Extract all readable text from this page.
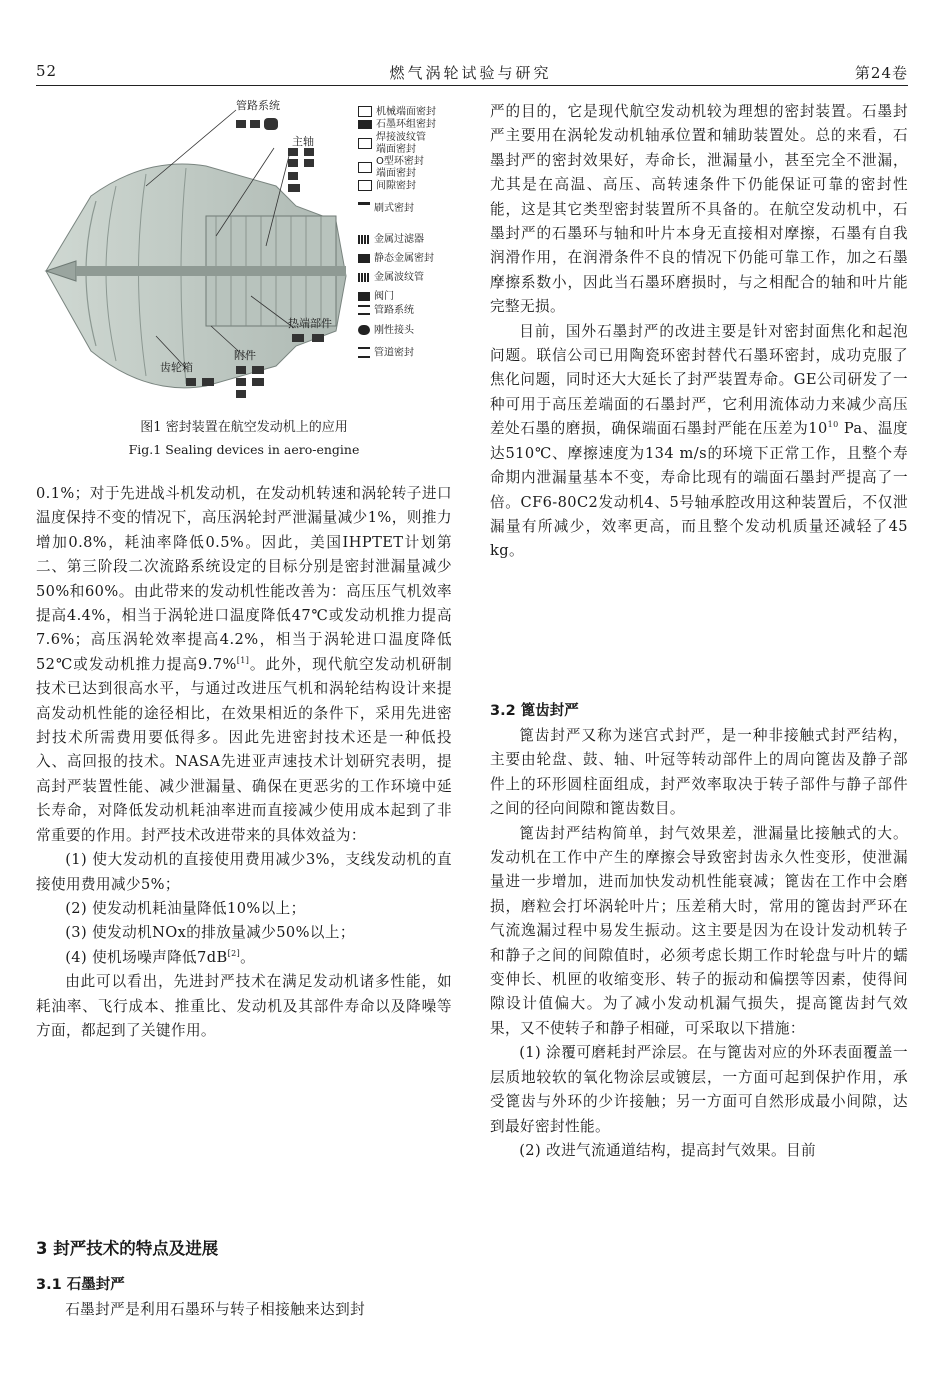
52	燃气涡轮试验与研究	第24卷
管路系统
主轴
热端部件
附件
齿轮箱
机械端面密封
石墨环组密封
焊接波纹管
端面密封
O型环密封
端面密封
间隙密封
刷式密封
金属过滤器
静态金属密封
金属波纹管
阀门
管路系统
刚性接头
管道密封
图1 密封装置在航空发动机上的应用
Fig.1 Sealing devices in aero-engine

0.1%；对于先进战斗机发动机，在发动机转速和涡轮转子进口温度保持不变的情况下，高压涡轮封严泄漏量减少1%，则推力增加0.8%，耗油率降低0.5%。因此，美国IHPTET计划第二、第三阶段二次流路系统设定的目标分别是密封泄漏量减少50%和60%。由此带来的发动机性能改善为：高压压气机效率提高4.4%，相当于涡轮进口温度降低47℃或发动机推力提高7.6%；高压涡轮效率提高4.2%，相当于涡轮进口温度降低52℃或发动机推力提高9.7%[1]。此外，现代航空发动机研制技术已达到很高水平，与通过改进压气机和涡轮结构设计来提高发动机性能的途径相比，在效果相近的条件下，采用先进密封技术所需费用要低得多。因此先进密封技术还是一种低投入、高回报的技术。NASA先进亚声速技术计划研究表明，提高封严装置性能、减少泄漏量、确保在更恶劣的工作环境中延长寿命，对降低发动机耗油率进而直接减少使用成本起到了非常重要的作用。封严技术改进带来的具体效益为：

(1) 使大发动机的直接使用费用减少3%，支线发动机的直接使用费用减少5%；

(2) 使发动机耗油量降低10%以上；

(3) 使发动机NOx的排放量减少50%以上；

(4) 使机场噪声降低7dB[2]。

由此可以看出，先进封严技术在满足发动机诸多性能，如耗油率、飞行成本、推重比、发动机及其部件寿命以及降噪等方面，都起到了关键作用。

3 封严技术的特点及进展
3.1 石墨封严

石墨封严是利用石墨环与转子相接触来达到封

严的目的，它是现代航空发动机较为理想的密封装置。石墨封严主要用在涡轮发动机轴承位置和辅助装置处。总的来看，石墨封严的密封效果好，寿命长，泄漏量小，甚至完全不泄漏，尤其是在高温、高压、高转速条件下仍能保证可靠的密封性能，这是其它类型密封装置所不具备的。在航空发动机中，石墨封严的石墨环与轴和叶片本身无直接相对摩擦，石墨有自我润滑作用，在润滑条件不良的情况下仍能可靠工作，加之石墨摩擦系数小，因此当石墨环磨损时，与之相配合的轴和叶片能完整无损。

目前，国外石墨封严的改进主要是针对密封面焦化和起泡问题。联信公司已用陶瓷环密封替代石墨环密封，成功克服了焦化问题，同时还大大延长了封严装置寿命。GE公司研发了一种可用于高压差端面的石墨封严，它利用流体动力来减少高压差处石墨的磨损，确保端面石墨封严能在压差为$10^{10}$ Pa、温度达510℃、摩擦速度为134 m/s的环境下正常工作，且整个寿命期内泄漏量基本不变，寿命比现有的端面石墨封严提高了一倍。CF6-80C2发动机4、5号轴承腔改用这种装置后，不仅泄漏量有所减少，效率更高，而且整个发动机质量还减轻了45 kg。

3.2 篦齿封严

篦齿封严又称为迷宫式封严，是一种非接触式封严结构，主要由轮盘、鼓、轴、叶冠等转动部件上的周向篦齿及静子部件上的环形圆柱面组成，封严效率取决于转子部件与静子部件之间的径向间隙和篦齿数目。

篦齿封严结构简单，封气效果差，泄漏量比接触式的大。发动机在工作中产生的摩擦会导致密封齿永久性变形，使泄漏量进一步增加，进而加快发动机性能衰减；篦齿在工作中会磨损，磨粒会打坏涡轮叶片；压差稍大时，常用的篦齿封严环在气流逸漏过程中易发生振动。这主要是因为在设计发动机转子和静子之间的间隙值时，必须考虑长期工作时轮盘与叶片的蠕变伸长、机匣的收缩变形、转子的振动和偏摆等因素，使得间隙设计值偏大。为了减小发动机漏气损失，提高篦齿封气效果，又不使转子和静子相碰，可采取以下措施：

(1) 涂覆可磨耗封严涂层。在与篦齿对应的外环表面覆盖一层质地较软的氧化物涂层或镀层，一方面可起到保护作用，承受篦齿与外环的少许接触；另一方面可自然形成最小间隙，达到最好密封性能。

(2) 改进气流通道结构，提高封气效果。目前
